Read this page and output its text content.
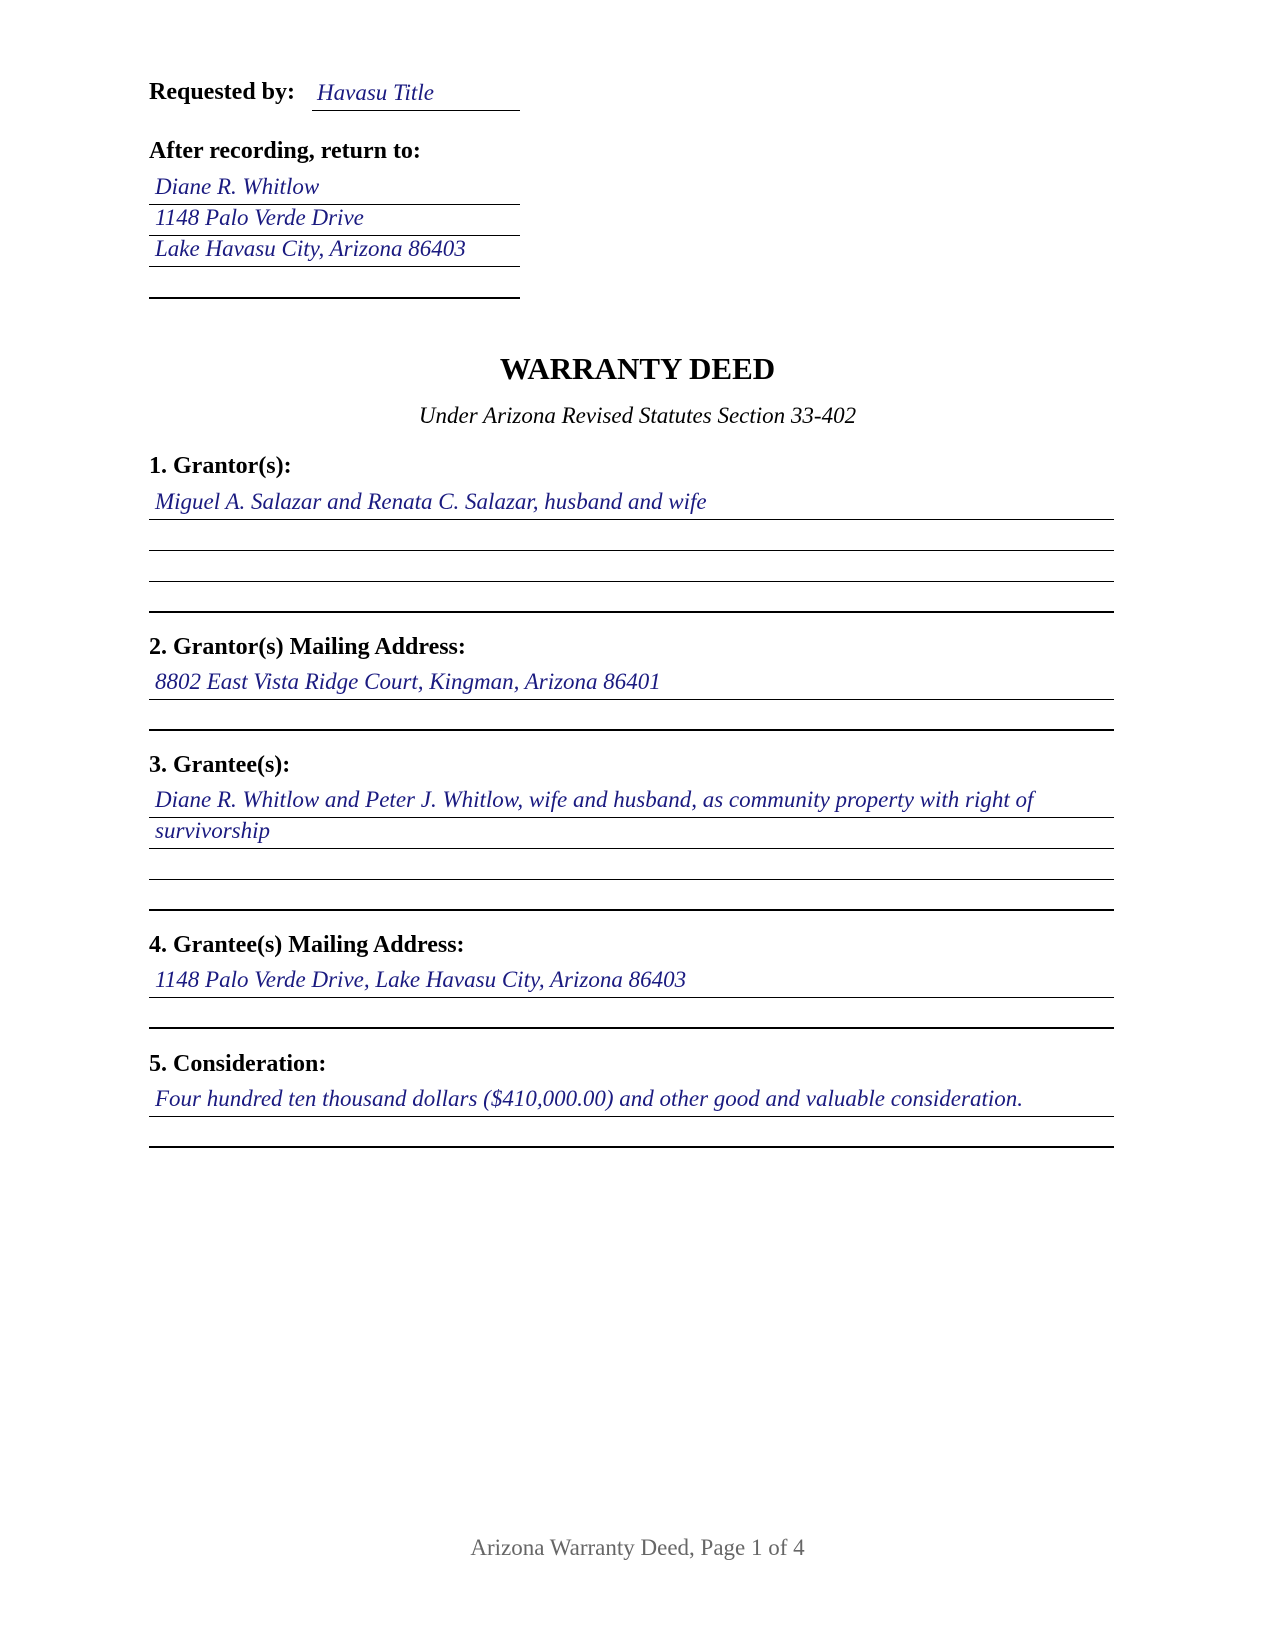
Requested by: Havasu Title
After recording, return to:
Diane R. Whitlow
1148 Palo Verde Drive
Lake Havasu City, Arizona 86403
WARRANTY DEED
Under Arizona Revised Statutes Section 33-402
1. Grantor(s):
Miguel A. Salazar and Renata C. Salazar, husband and wife
2. Grantor(s) Mailing Address:
8802 East Vista Ridge Court, Kingman, Arizona 86401
3. Grantee(s):
Diane R. Whitlow and Peter J. Whitlow, wife and husband, as community property with right of
survivorship
4. Grantee(s) Mailing Address:
1148 Palo Verde Drive, Lake Havasu City, Arizona 86403
5. Consideration:
Four hundred ten thousand dollars ($410,000.00) and other good and valuable consideration.
Arizona Warranty Deed, Page 1 of 4
